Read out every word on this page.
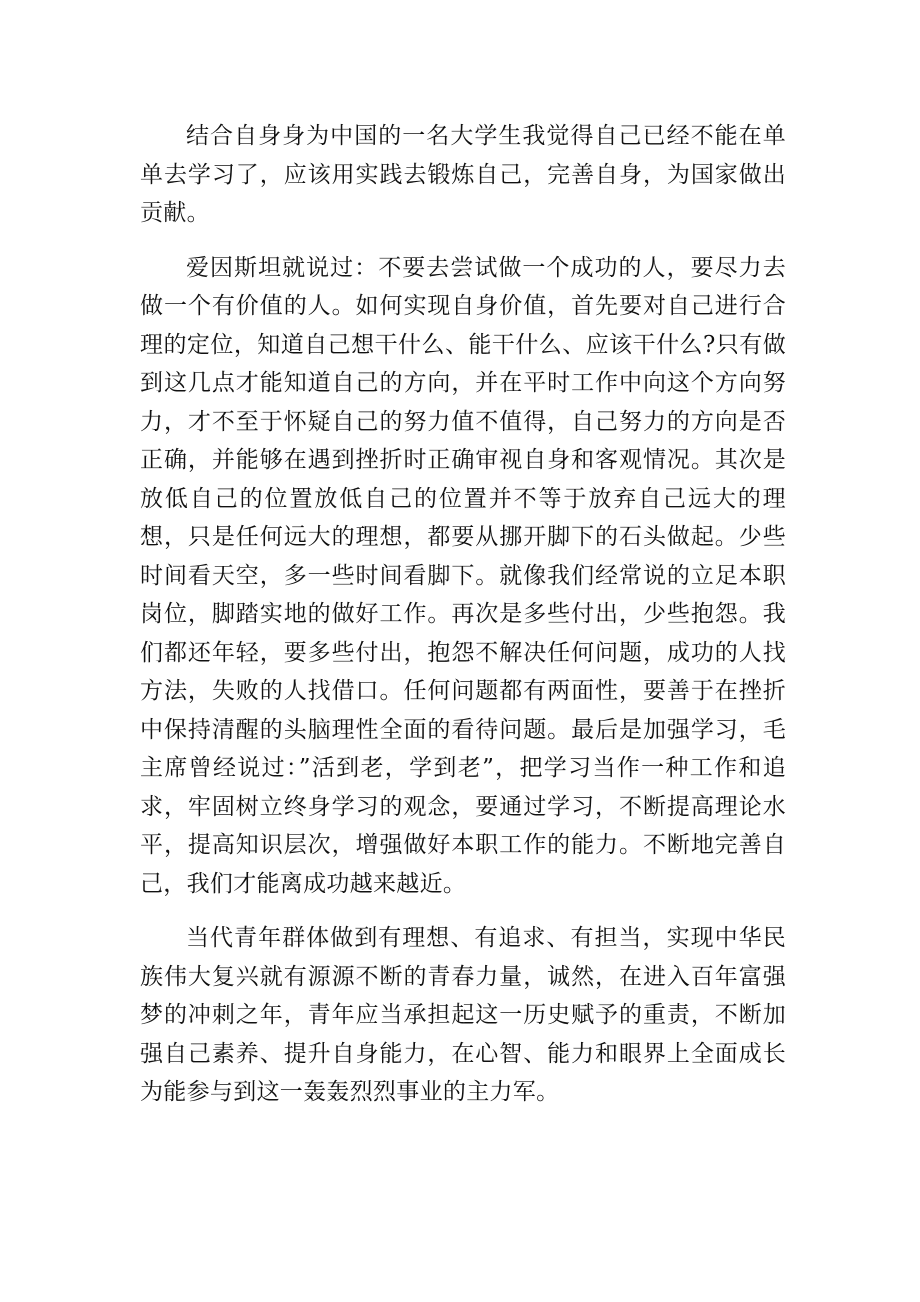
结合自身身为中国的一名大学生我觉得自己已经不能在单单去学习了，应该用实践去锻炼自己，完善自身，为国家做出贡献。

爱因斯坦就说过：不要去尝试做一个成功的人，要尽力去做一个有价值的人。如何实现自身价值，首先要对自己进行合理的定位，知道自己想干什么、能干什么、应该干什么?只有做到这几点才能知道自己的方向，并在平时工作中向这个方向努力，才不至于怀疑自己的努力值不值得，自己努力的方向是否正确，并能够在遇到挫折时正确审视自身和客观情况。其次是放低自己的位置放低自己的位置并不等于放弃自己远大的理想，只是任何远大的理想，都要从挪开脚下的石头做起。少些时间看天空，多一些时间看脚下。就像我们经常说的立足本职岗位，脚踏实地的做好工作。再次是多些付出，少些抱怨。我们都还年轻，要多些付出，抱怨不解决任何问题，成功的人找方法，失败的人找借口。任何问题都有两面性，要善于在挫折中保持清醒的头脑理性全面的看待问题。最后是加强学习，毛主席曾经说过：”活到老，学到老”，把学习当作一种工作和追求，牢固树立终身学习的观念，要通过学习，不断提高理论水平，提高知识层次，增强做好本职工作的能力。不断地完善自己，我们才能离成功越来越近。

当代青年群体做到有理想、有追求、有担当，实现中华民族伟大复兴就有源源不断的青春力量，诚然，在进入百年富强梦的冲刺之年，青年应当承担起这一历史赋予的重责，不断加强自己素养、提升自身能力，在心智、能力和眼界上全面成长为能参与到这一轰轰烈烈事业的主力军。
